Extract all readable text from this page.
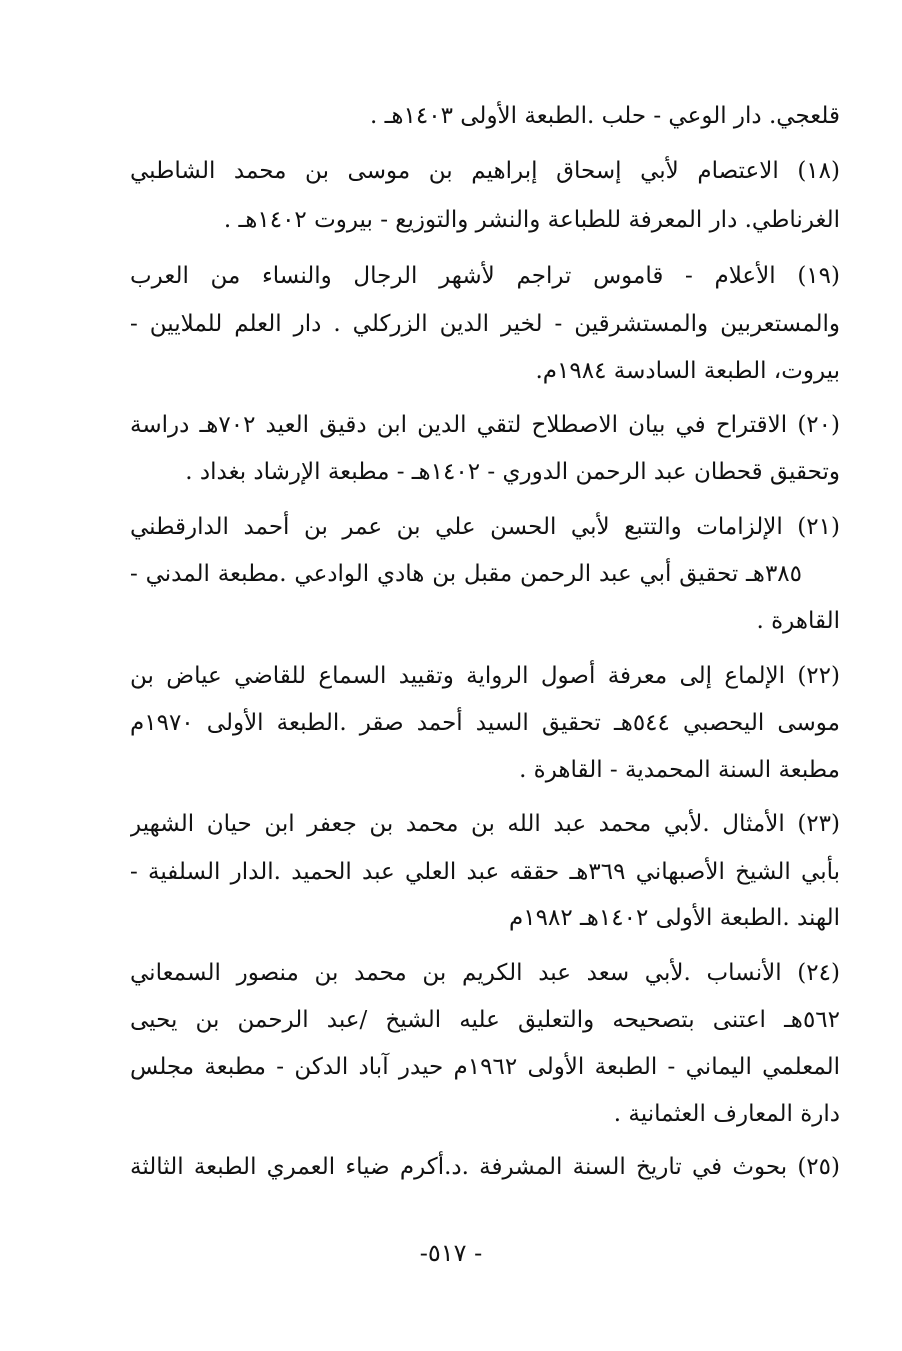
قلعجي. دار الوعي - حلب .الطبعة الأولى ١٤٠٣هـ .
(١٨) الاعتصام لأبي إسحاق إبراهيم بن موسى بن محمد الشاطبي
الغرناطي. دار المعرفة للطباعة والنشر والتوزيع - بيروت ١٤٠٢هـ .
(١٩) الأعلام - قاموس تراجم لأشهر الرجال والنساء من العرب
والمستعربين والمستشرقين - لخير الدين الزركلي . دار العلم للملايين -
بيروت، الطبعة السادسة ١٩٨٤م.
(٢٠) الاقتراح في بيان الاصطلاح لتقي الدين ابن دقيق العيد ٧٠٢هـ دراسة
وتحقيق قحطان عبد الرحمن الدوري - ١٤٠٢هـ - مطبعة الإرشاد بغداد .
(٢١) الإلزامات والتتبع لأبي الحسن علي بن عمر بن أحمد الدارقطني
٣٨٥هـ تحقيق أبي عبد الرحمن مقبل بن هادي الوادعي .مطبعة المدني -
القاهرة .
(٢٢) الإلماع إلى معرفة أصول الرواية وتقييد السماع للقاضي عياض بن
موسى اليحصبي ٥٤٤هـ تحقيق السيد أحمد صقر .الطبعة الأولى ١٩٧٠م
مطبعة السنة المحمدية - القاهرة .
(٢٣) الأمثال .لأبي محمد عبد الله بن محمد بن جعفر ابن حيان الشهير
بأبي الشيخ الأصبهاني ٣٦٩هـ حققه عبد العلي عبد الحميد .الدار السلفية -
الهند .الطبعة الأولى ١٤٠٢هـ ١٩٨٢م
(٢٤) الأنساب .لأبي سعد عبد الكريم بن محمد بن منصور السمعاني
٥٦٢هـ اعتنى بتصحيحه والتعليق عليه الشيخ /عبد الرحمن بن يحيى
المعلمي اليماني - الطبعة الأولى ١٩٦٢م حيدر آباد الدكن - مطبعة مجلس
دارة المعارف العثمانية .
(٢٥) بحوث في تاريخ السنة المشرفة .د.أكرم ضياء العمري الطبعة الثالثة
- ٥١٧-
